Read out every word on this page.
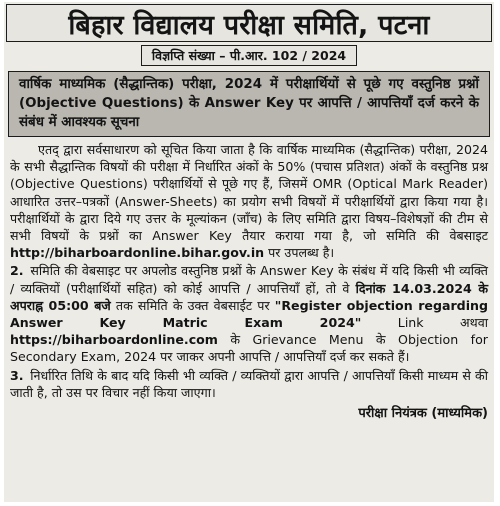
बिहार विद्यालय परीक्षा समिति, पटना
विज्ञप्ति संख्या – पी.आर. 102 / 2024
वार्षिक माध्यमिक (सैद्धान्तिक) परीक्षा, 2024 में परीक्षार्थियों से पूछे गए वस्तुनिष्ठ प्रश्नों (Objective Questions) के Answer Key पर आपत्ति / आपत्तियाँ दर्ज करने के संबंध में आवश्यक सूचना

एतद् द्वारा सर्वसाधारण को सूचित किया जाता है कि वार्षिक माध्यमिक (सैद्धान्तिक) परीक्षा, 2024 के सभी सैद्धान्तिक विषयों की परीक्षा में निर्धारित अंकों के 50% (पचास प्रतिशत) अंकों के वस्तुनिष्ठ प्रश्न (Objective Questions) परीक्षार्थियों से पूछे गए हैं, जिसमें OMR (Optical Mark Reader) आधारित उत्तर–पत्रकों (Answer-Sheets) का प्रयोग सभी विषयों में परीक्षार्थियों द्वारा किया गया है। परीक्षार्थियों के द्वारा दिये गए उत्तर के मूल्यांकन (जाँच) के लिए समिति द्वारा विषय–विशेषज्ञों की टीम से सभी विषयों के प्रश्नों का Answer Key तैयार कराया गया है, जो समिति की वेबसाइट http://biharboardonline.bihar.gov.in पर उपलब्ध है।

2. समिति की वेबसाइट पर अपलोड वस्तुनिष्ठ प्रश्नों के Answer Key के संबंध में यदि किसी भी व्यक्ति / व्यक्तियों (परीक्षार्थियों सहित) को कोई आपत्ति / आपत्तियाँ हों, तो वे दिनांक 14.03.2024 के अपराह्न 05:00 बजे तक समिति के उक्त वेबसाईट पर "Register objection regarding Answer Key Matric Exam 2024"	Link अथवा https://biharboardonline.com के Grievance Menu के Objection for Secondary Exam, 2024 पर जाकर अपनी आपत्ति / आपत्तियाँ दर्ज कर सकते हैं।

3. निर्धारित तिथि के बाद यदि किसी भी व्यक्ति / व्यक्तियों द्वारा आपत्ति / आपत्तियाँ किसी माध्यम से की जाती है, तो उस पर विचार नहीं किया जाएगा।

परीक्षा नियंत्रक (माध्यमिक)
